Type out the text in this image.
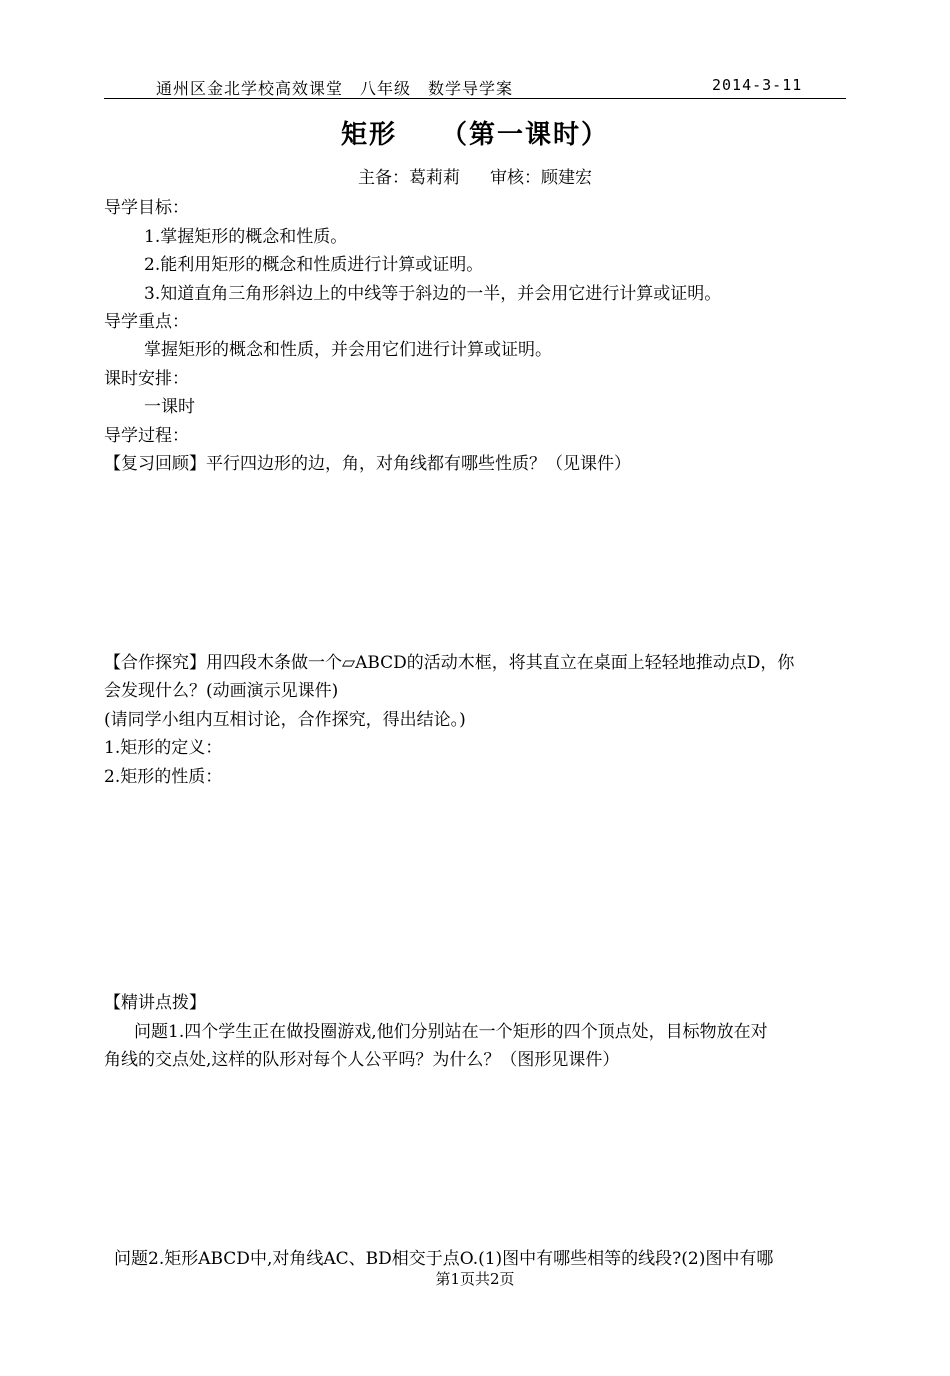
通州区金北学校高效课堂　八年级　数学导学案	2014-3-11
矩形 （第一课时）
主备：葛莉莉 审核：顾建宏
导学目标：
1.掌握矩形的概念和性质。
2.能利用矩形的概念和性质进行计算或证明。
3.知道直角三角形斜边上的中线等于斜边的一半，并会用它进行计算或证明。
导学重点：
掌握矩形的概念和性质，并会用它们进行计算或证明。
课时安排：
一课时
导学过程：
【复习回顾】平行四边形的边，角，对角线都有哪些性质？（见课件）
【合作探究】用四段木条做一个▱ABCD的活动木框，将其直立在桌面上轻轻地推动点D，你
会发现什么？(动画演示见课件)
(请同学小组内互相讨论，合作探究，得出结论。)
1.矩形的定义：
2.矩形的性质：
【精讲点拨】
问题1.四个学生正在做投圈游戏,他们分别站在一个矩形的四个顶点处，目标物放在对
角线的交点处,这样的队形对每个人公平吗？为什么？（图形见课件）
问题2.矩形ABCD中,对角线AC、BD相交于点O.(1)图中有哪些相等的线段?(2)图中有哪
第1页共2页
